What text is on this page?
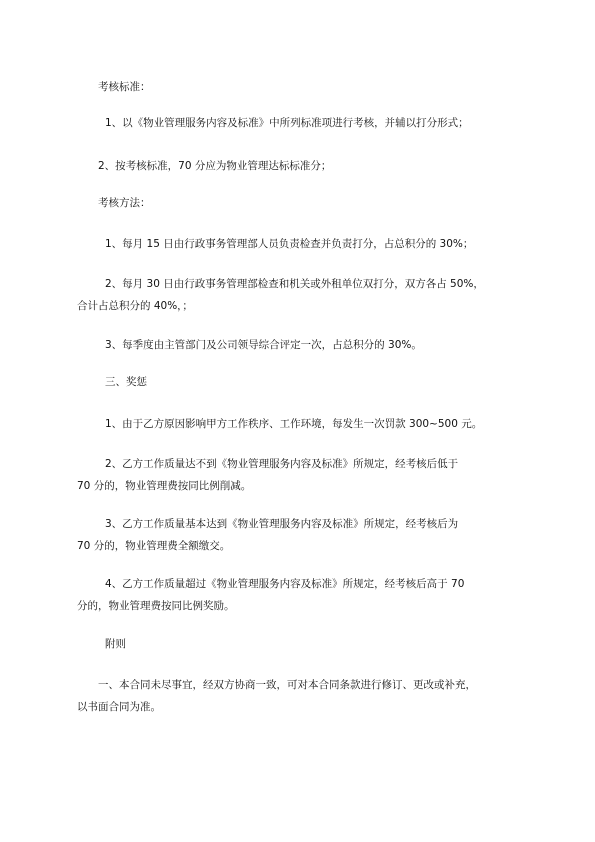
考核标准：
1、以《物业管理服务内容及标准》中所列标准项进行考核，并辅以打分形式；
2、按考核标准，70 分应为物业管理达标标准分；
考核方法：
1、每月 15 日由行政事务管理部人员负责检查并负责打分，占总积分的 30%；
2、每月 30 日由行政事务管理部检查和机关或外租单位双打分，双方各占 50%，
合计占总积分的 40%，；
3、每季度由主管部门及公司领导综合评定一次，占总积分的 30%。
三、奖惩
1、由于乙方原因影响甲方工作秩序、工作环境，每发生一次罚款 300~500 元。
2、乙方工作质量达不到《物业管理服务内容及标准》所规定，经考核后低于
70 分的，物业管理费按同比例削减。
3、乙方工作质量基本达到《物业管理服务内容及标准》所规定，经考核后为
70 分的，物业管理费全额缴交。
4、乙方工作质量超过《物业管理服务内容及标准》所规定，经考核后高于 70
分的，物业管理费按同比例奖励。
附则
一、本合同未尽事宜，经双方协商一致，可对本合同条款进行修订、更改或补充，
以书面合同为准。
